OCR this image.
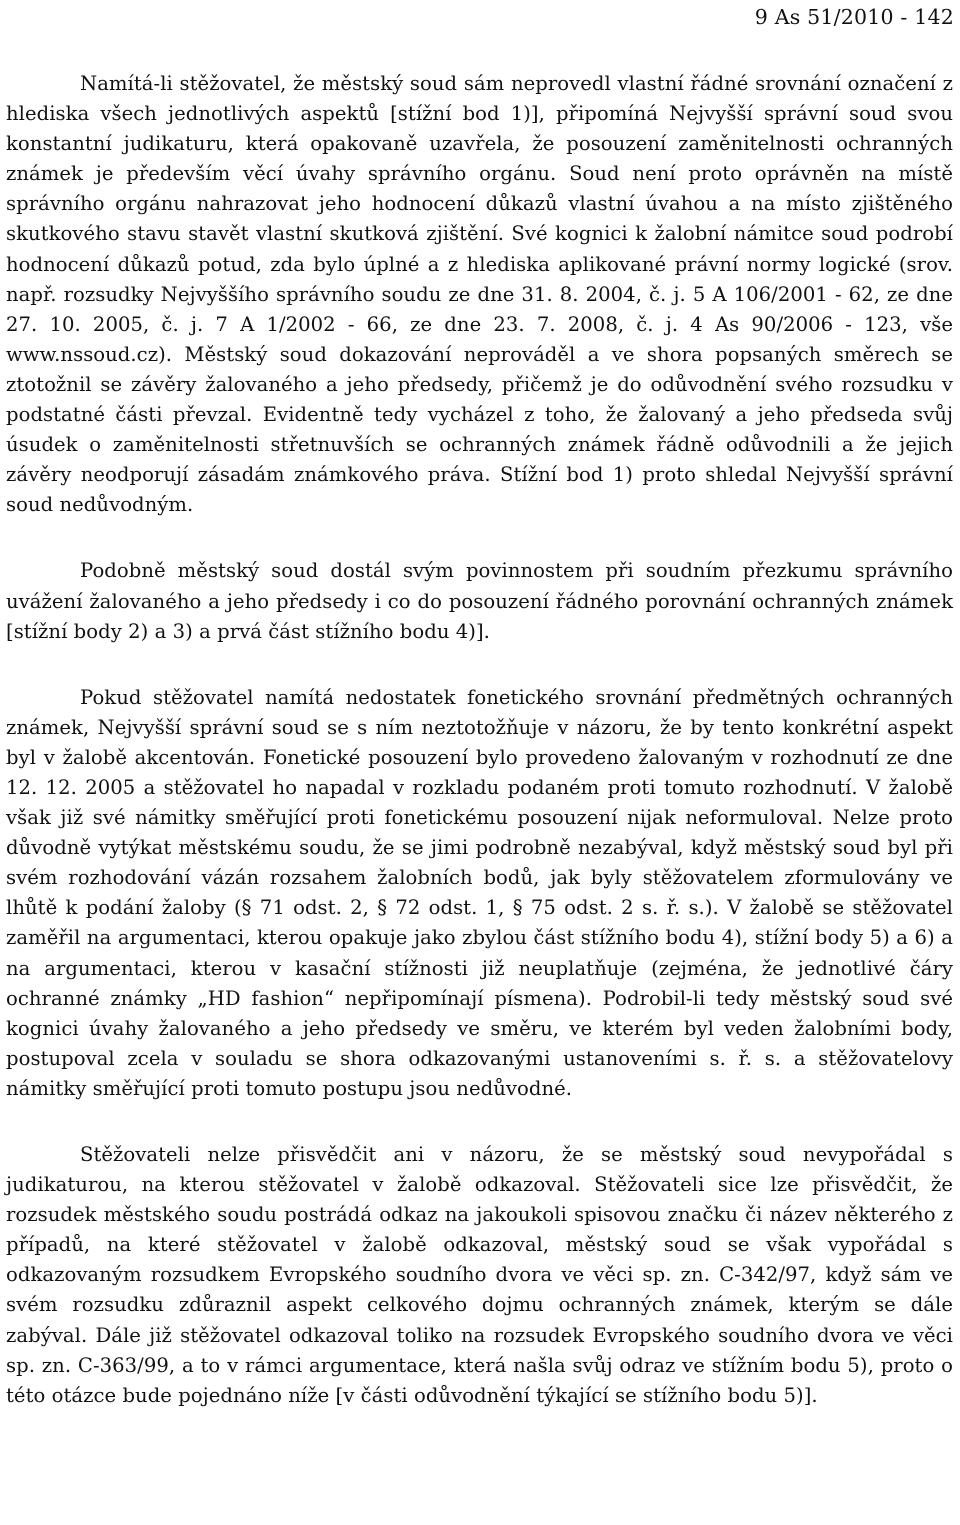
9 As 51/2010 - 142

Namítá-li stěžovatel, že městský soud sám neprovedl vlastní řádné srovnání označení z hlediska všech jednotlivých aspektů [stížní bod 1)], připomíná Nejvyšší správní soud svou konstantní judikaturu, která opakovaně uzavřela, že posouzení zaměnitelnosti ochranných známek je především věcí úvahy správního orgánu. Soud není proto oprávněn na místě správního orgánu nahrazovat jeho hodnocení důkazů vlastní úvahou a na místo zjištěného skutkového stavu stavět vlastní skutková zjištění. Své kognici k žalobní námitce soud podrobí hodnocení důkazů potud, zda bylo úplné a z hlediska aplikované právní normy logické (srov. např. rozsudky Nejvyššího správního soudu ze dne 31. 8. 2004, č. j. 5 A 106/2001 - 62, ze dne 27. 10. 2005, č. j. 7 A 1/2002 - 66, ze dne 23. 7. 2008, č. j. 4 As 90/2006 - 123, vše www.nssoud.cz). Městský soud dokazování neprováděl a ve shora popsaných směrech se ztotožnil se závěry žalovaného a jeho předsedy, přičemž je do odůvodnění svého rozsudku v podstatné části převzal. Evidentně tedy vycházel z toho, že žalovaný a jeho předseda svůj úsudek o zaměnitelnosti střetnuvších se ochranných známek řádně odůvodnili a že jejich závěry neodporují zásadám známkového práva. Stížní bod 1) proto shledal Nejvyšší správní soud nedůvodným.

Podobně městský soud dostál svým povinnostem při soudním přezkumu správního uvážení žalovaného a jeho předsedy i co do posouzení řádného porovnání ochranných známek [stížní body 2) a 3) a prvá část stížního bodu 4)].

Pokud stěžovatel namítá nedostatek fonetického srovnání předmětných ochranných známek, Nejvyšší správní soud se s ním neztotožňuje v názoru, že by tento konkrétní aspekt byl v žalobě akcentován. Fonetické posouzení bylo provedeno žalovaným v rozhodnutí ze dne 12. 12. 2005 a stěžovatel ho napadal v rozkladu podaném proti tomuto rozhodnutí. V žalobě však již své námitky směřující proti fonetickému posouzení nijak neformuloval. Nelze proto důvodně vytýkat městskému soudu, že se jimi podrobně nezabýval, když městský soud byl při svém rozhodování vázán rozsahem žalobních bodů, jak byly stěžovatelem zformulovány ve lhůtě k podání žaloby (§ 71 odst. 2, § 72 odst. 1, § 75 odst. 2 s. ř. s.). V žalobě se stěžovatel zaměřil na argumentaci, kterou opakuje jako zbylou část stížního bodu 4), stížní body 5) a 6) a na argumentaci, kterou v kasační stížnosti již neuplatňuje (zejména, že jednotlivé čáry ochranné známky „HD fashion“ nepřipomínají písmena). Podrobil-li tedy městský soud své kognici úvahy žalovaného a jeho předsedy ve směru, ve kterém byl veden žalobními body, postupoval zcela v souladu se shora odkazovanými ustanoveními s. ř. s. a stěžovatelovy námitky směřující proti tomuto postupu jsou nedůvodné.

Stěžovateli nelze přisvědčit ani v názoru, že se městský soud nevypořádal s judikaturou, na kterou stěžovatel v žalobě odkazoval. Stěžovateli sice lze přisvědčit, že rozsudek městského soudu postrádá odkaz na jakoukoli spisovou značku či název některého z případů, na které stěžovatel v žalobě odkazoval, městský soud se však vypořádal s odkazovaným rozsudkem Evropského soudního dvora ve věci sp. zn. C-342/97, když sám ve svém rozsudku zdůraznil aspekt celkového dojmu ochranných známek, kterým se dále zabýval. Dále již stěžovatel odkazoval toliko na rozsudek Evropského soudního dvora ve věci sp. zn. C-363/99, a to v rámci argumentace, která našla svůj odraz ve stížním bodu 5), proto o této otázce bude pojednáno níže [v části odůvodnění týkající se stížního bodu 5)].
